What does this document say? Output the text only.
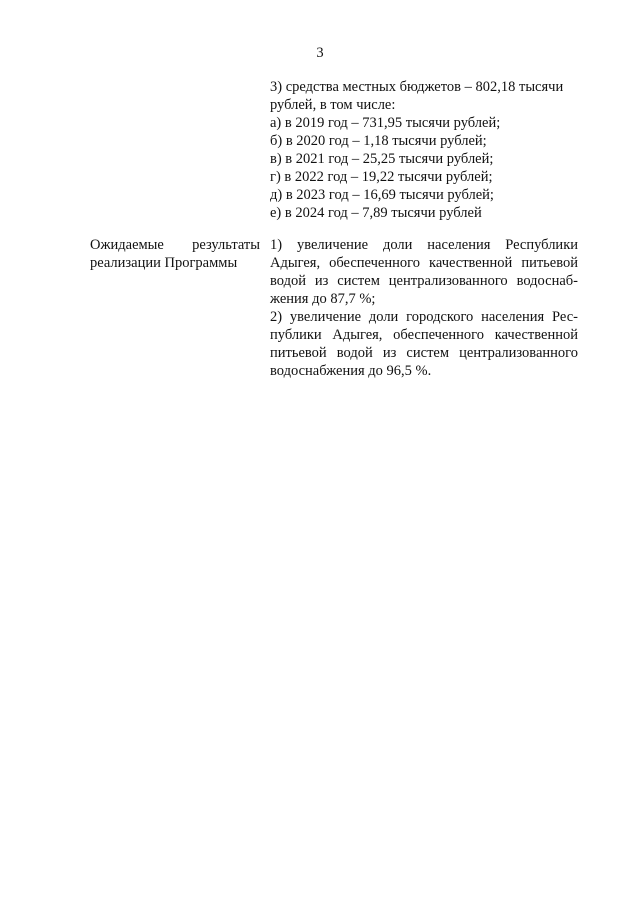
3

3) средства местных бюджетов – 802,18 тысячи рублей, в том числе:

а) в 2019 год – 731,95 тысячи рублей;

б) в 2020 год – 1,18 тысячи рублей;

в) в 2021 год – 25,25 тысячи рублей;

г) в 2022 год – 19,22 тысячи рублей;

д) в 2023 год – 16,69 тысячи рублей;

е) в 2024 год – 7,89 тысячи рублей

Ожидаемые результаты
реализации Программы

1) увеличение доли населения Республики Адыгея, обеспеченного качественной питьевой водой из систем централизованного водоснаб-жения до 87,7 %;

2) увеличение доли городского населения Рес-публики Адыгея, обеспеченного качественной питьевой водой из систем централизованного водоснабжения до 96,5 %.
